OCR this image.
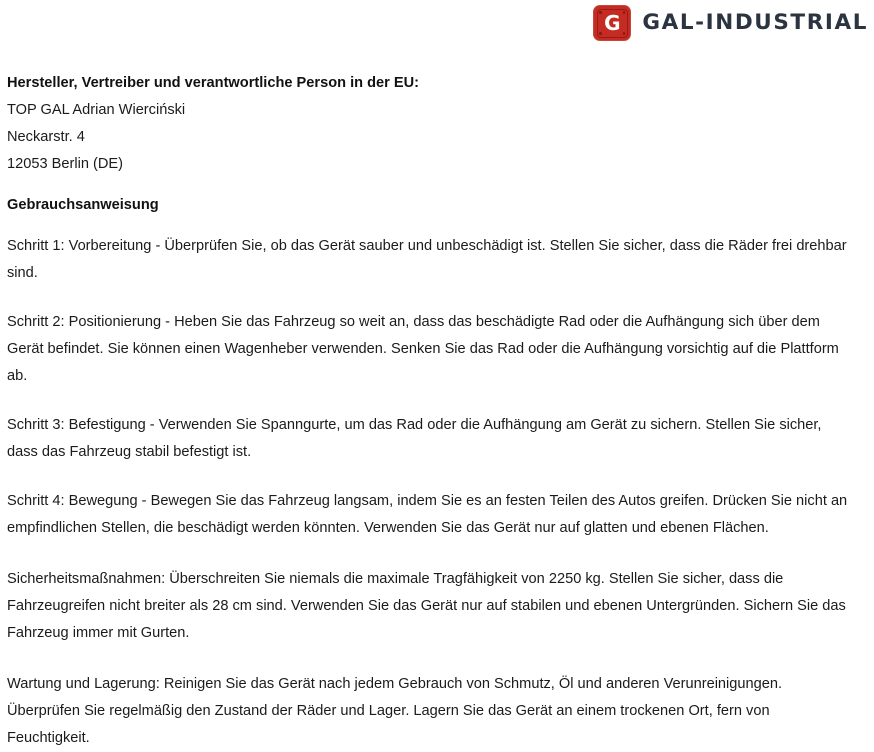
G	GAL-INDUSTRIAL

Hersteller, Vertreiber und verantwortliche Person in der EU:

TOP GAL Adrian Wierciński

Neckarstr. 4

12053 Berlin (DE)

Gebrauchsanweisung

Schritt 1: Vorbereitung - Überprüfen Sie, ob das Gerät sauber und unbeschädigt ist. Stellen Sie sicher, dass die Räder frei drehbar sind.

Schritt 2: Positionierung - Heben Sie das Fahrzeug so weit an, dass das beschädigte Rad oder die Aufhängung sich über dem Gerät befindet. Sie können einen Wagenheber verwenden. Senken Sie das Rad oder die Aufhängung vorsichtig auf die Plattform ab.

Schritt 3: Befestigung - Verwenden Sie Spanngurte, um das Rad oder die Aufhängung am Gerät zu sichern. Stellen Sie sicher, dass das Fahrzeug stabil befestigt ist.

Schritt 4: Bewegung - Bewegen Sie das Fahrzeug langsam, indem Sie es an festen Teilen des Autos greifen. Drücken Sie nicht an empfindlichen Stellen, die beschädigt werden könnten. Verwenden Sie das Gerät nur auf glatten und ebenen Flächen.

Sicherheitsmaßnahmen: Überschreiten Sie niemals die maximale Tragfähigkeit von 2250 kg. Stellen Sie sicher, dass die Fahrzeugreifen nicht breiter als 28 cm sind. Verwenden Sie das Gerät nur auf stabilen und ebenen Untergründen. Sichern Sie das Fahrzeug immer mit Gurten.

Wartung und Lagerung: Reinigen Sie das Gerät nach jedem Gebrauch von Schmutz, Öl und anderen Verunreinigungen. Überprüfen Sie regelmäßig den Zustand der Räder und Lager. Lagern Sie das Gerät an einem trockenen Ort, fern von Feuchtigkeit.
